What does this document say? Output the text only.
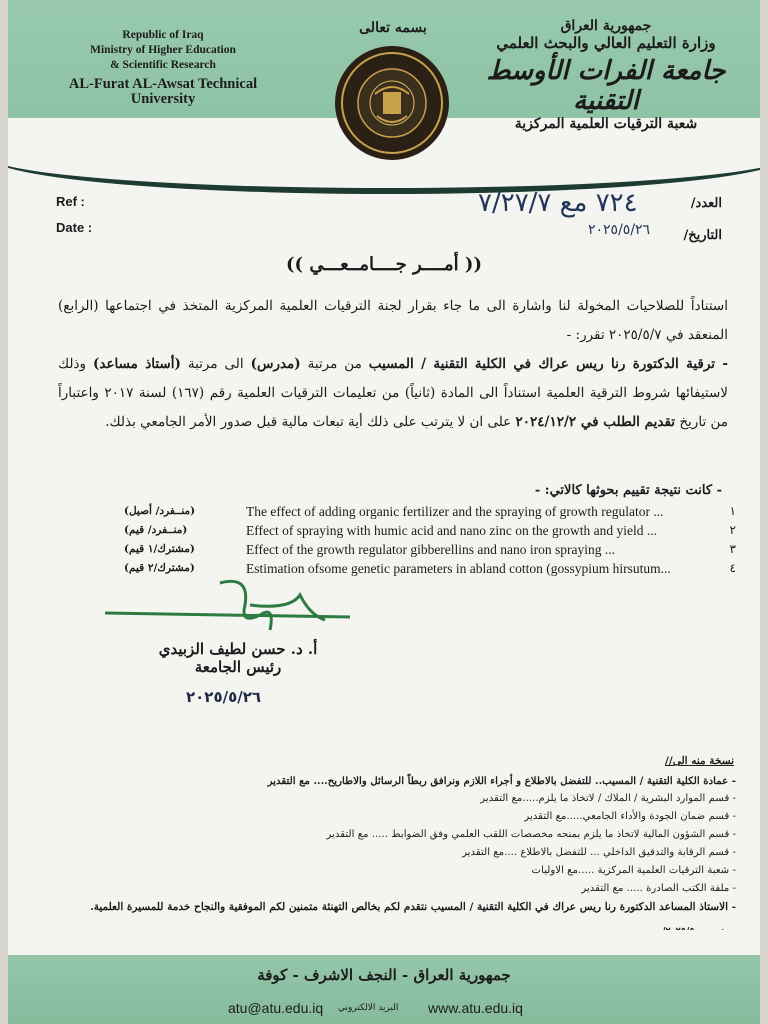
Republic of Iraq
Ministry of Higher Education
& Scientific Research
AL-Furat AL-Awsat Technical University
بسمه تعالى	جمهورية العراق
وزارة التعليم العالي والبحث العلمي
جامعة الفرات الأوسط التقنية
شعبة الترقيات العلمية المركزية
Ref :
Date :
العدد/
التاريخ/
٧٢٤ مع ٧/٢٧/٧
٢٠٢٥/٥/٢٦
(( أمــــر جــــامــعـــي ))

استناداً للصلاحيات المخولة لنا واشارة الى ما جاء بقرار لجنة الترقيات العلمية المركزية المتخذ في اجتماعها (الرابع) المنعقد في ٢٠٢٥/٥/٧ تقرر: -

- ترقية الدكتورة رنا ريس عراك في الكلية التقنية / المسيب من مرتبة (مدرس) الى مرتبة (أستاذ مساعد) وذلك لاستيفائها شروط الترقية العلمية استناداً الى المادة (ثانياً) من تعليمات الترقيات العلمية رقم (١٦٧) لسنة ٢٠١٧ واعتباراً من تاريخ تقديم الطلب في ٢٠٢٤/١٢/٢ على ان لا يترتب على ذلك أية تبعات مالية قبل صدور الأمر الجامعي بذلك.

- كانت نتيجة تقييم بحوثها كالاتي: -
١
The effect of adding organic fertilizer and the spraying of growth regulator ...
(منــفرد/ أصيل)
٢
Effect of spraying with humic acid and nano zinc on the growth and yield ...
(منــفرد/ قيم)
٣
Effect of the growth regulator gibberellins and nano iron spraying ...
(مشترك/١ قيم)
٤
Estimation ofsome genetic parameters in abland cotton (gossypium hirsutum...
(مشترك/٢ قيم)
أ. د. حسن لطيف الزبيدي
رئيس الجامعة
٢٠٢٥/٥/٢٦
نسخة منه الى//
- عمادة الكلية التقنية / المسيب.. للتفضل بالاطلاع و أجراء اللازم ونرافق ربطاً الرسائل والاطاريح.... مع التقدير
- قسم الموارد البشرية / الملاك / لاتخاذ ما يلزم.....مع التقدير
- قسم ضمان الجودة والأداء الجامعي.....مع التقدير
- قسم الشؤون المالية لاتخاذ ما يلزم بمنحه مخصصات اللقب العلمي وفق الضوابط ..... مع التقدير
- قسم الرقابة والتدقيق الداخلي ... للتفضل بالاطلاع ....مع التقدير
- شعبة الترقيات العلمية المركزية .....مع الاوليات
- ملفة الكتب الصادرة ..... مع التقدير
- الاستاذ المساعد الدكتورة رنا ريس عراك في الكلية التقنية / المسيب نتقدم لكم بخالص التهنئة متمنين لكم الموفقية والنجاح خدمة للمسيرة العلمية.
جمهورية العراق - النجف الاشرف - كوفة
atu@atu.edu.iq البريد الالكتروني www.atu.edu.iq
